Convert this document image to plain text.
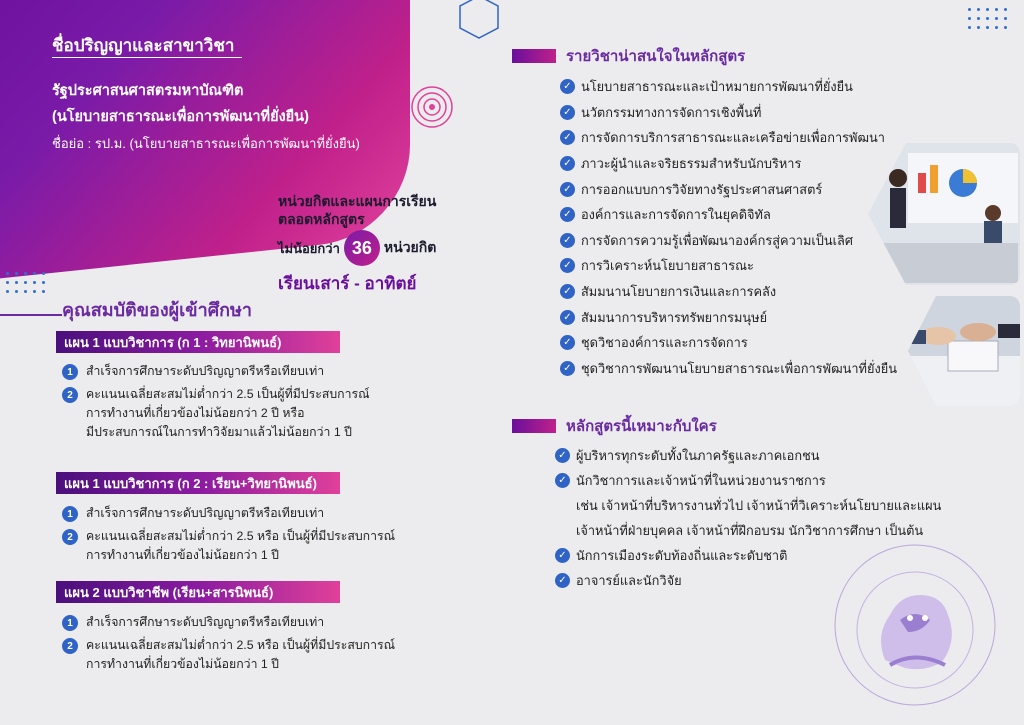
ชื่อปริญญาและสาขาวิชา
รัฐประศาสนศาสตรมหาบัณฑิต
(นโยบายสาธารณะเพื่อการพัฒนาที่ยั่งยืน)
ชื่อย่อ : รป.ม. (นโยบายสาธารณะเพื่อการพัฒนาที่ยั่งยืน)
หน่วยกิตและแผนการเรียน
ตลอดหลักสูตร
ไม่น้อยกว่า 36 หน่วยกิต
เรียนเสาร์ - อาทิตย์
คุณสมบัติของผู้เข้าศึกษา
แผน 1 แบบวิชาการ (ก 1 : วิทยานิพนธ์)
1	สำเร็จการศึกษาระดับปริญญาตรีหรือเทียบเท่า
2	คะแนนเฉลี่ยสะสมไม่ต่ำกว่า 2.5 เป็นผู้ที่มีประสบการณ์
การทำงานที่เกี่ยวข้องไม่น้อยกว่า 2 ปี หรือ
มีประสบการณ์ในการทำวิจัยมาแล้วไม่น้อยกว่า 1 ปี
แผน 1 แบบวิชาการ (ก 2 : เรียน+วิทยานิพนธ์)
1	สำเร็จการศึกษาระดับปริญญาตรีหรือเทียบเท่า
2	คะแนนเฉลี่ยสะสมไม่ต่ำกว่า 2.5 หรือ เป็นผู้ที่มีประสบการณ์
การทำงานที่เกี่ยวข้องไม่น้อยกว่า 1 ปี
แผน 2 แบบวิชาชีพ (เรียน+สารนิพนธ์)
1	สำเร็จการศึกษาระดับปริญญาตรีหรือเทียบเท่า
2	คะแนนเฉลี่ยสะสมไม่ต่ำกว่า 2.5 หรือ เป็นผู้ที่มีประสบการณ์
การทำงานที่เกี่ยวข้องไม่น้อยกว่า 1 ปี
รายวิชาน่าสนใจในหลักสูตร
✓ นโยบายสาธารณะและเป้าหมายการพัฒนาที่ยั่งยืน
✓ นวัตกรรมทางการจัดการเชิงพื้นที่
✓ การจัดการบริการสาธารณะและเครือข่ายเพื่อการพัฒนา
✓ ภาวะผู้นำและจริยธรรมสำหรับนักบริหาร
✓ การออกแบบการวิจัยทางรัฐประศาสนศาสตร์
✓ องค์การและการจัดการในยุคดิจิทัล
✓ การจัดการความรู้เพื่อพัฒนาองค์กรสู่ความเป็นเลิศ
✓ การวิเคราะห์นโยบายสาธารณะ
✓ สัมมนานโยบายการเงินและการคลัง
✓ สัมมนาการบริหารทรัพยากรมนุษย์
✓ ชุดวิชาองค์การและการจัดการ
✓ ชุดวิชาการพัฒนานโยบายสาธารณะเพื่อการพัฒนาที่ยั่งยืน
หลักสูตรนี้เหมาะกับใคร
✓ ผู้บริหารทุกระดับทั้งในภาครัฐและภาคเอกชน
✓ นักวิชาการและเจ้าหน้าที่ในหน่วยงานราชการ
เช่น เจ้าหน้าที่บริหารงานทั่วไป เจ้าหน้าที่วิเคราะห์นโยบายและแผน
เจ้าหน้าที่ฝ่ายบุคคล เจ้าหน้าที่ฝึกอบรม นักวิชาการศึกษา เป็นต้น
✓ นักการเมืองระดับท้องถิ่นและระดับชาติ
✓ อาจารย์และนักวิจัย
